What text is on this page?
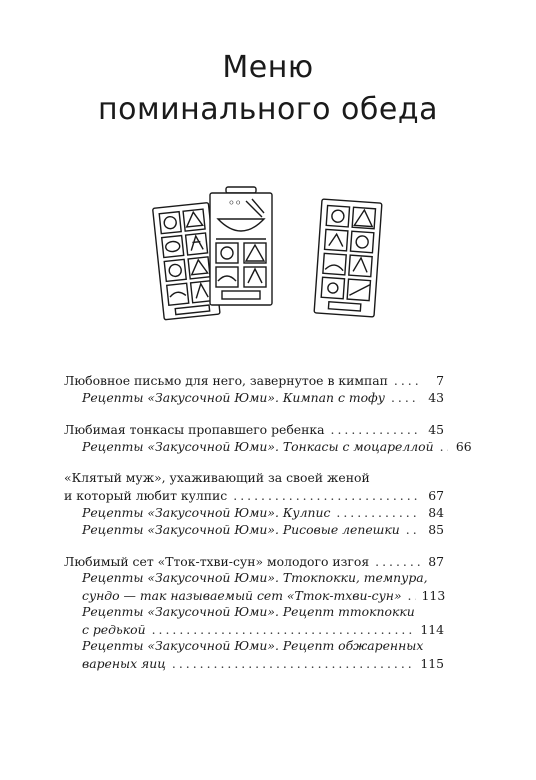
Меню
поминального обеда
ㅇㅇ
Любовное письмо для него, завернутое в кимпап .....	7
Рецепты «Закусочной Юми». Кимпап с тофу .....	43
Любимая тонкасы пропавшего ребенка .....	45
Рецепты «Закусочной Юми». Тонкасы с моцареллой ..... 66
«Клятый муж», ухаживающий за своей женой
и который любит кулпис .....	67
Рецепты «Закусочной Юми». Кулпис .....	84
Рецепты «Закусочной Юми». Рисовые лепешки ..... 85
Любимый сет «Тток-тхви-сун» молодого изгоя .....	87
Рецепты «Закусочной Юми». Ттокпокки, темпура,
сундо — так называемый сет «Тток-тхви-сун» ..... 113
Рецепты «Закусочной Юми». Рецепт ттокпокки
с редькой .....	114
Рецепты «Закусочной Юми». Рецепт обжаренных
вареных яиц .....	115
